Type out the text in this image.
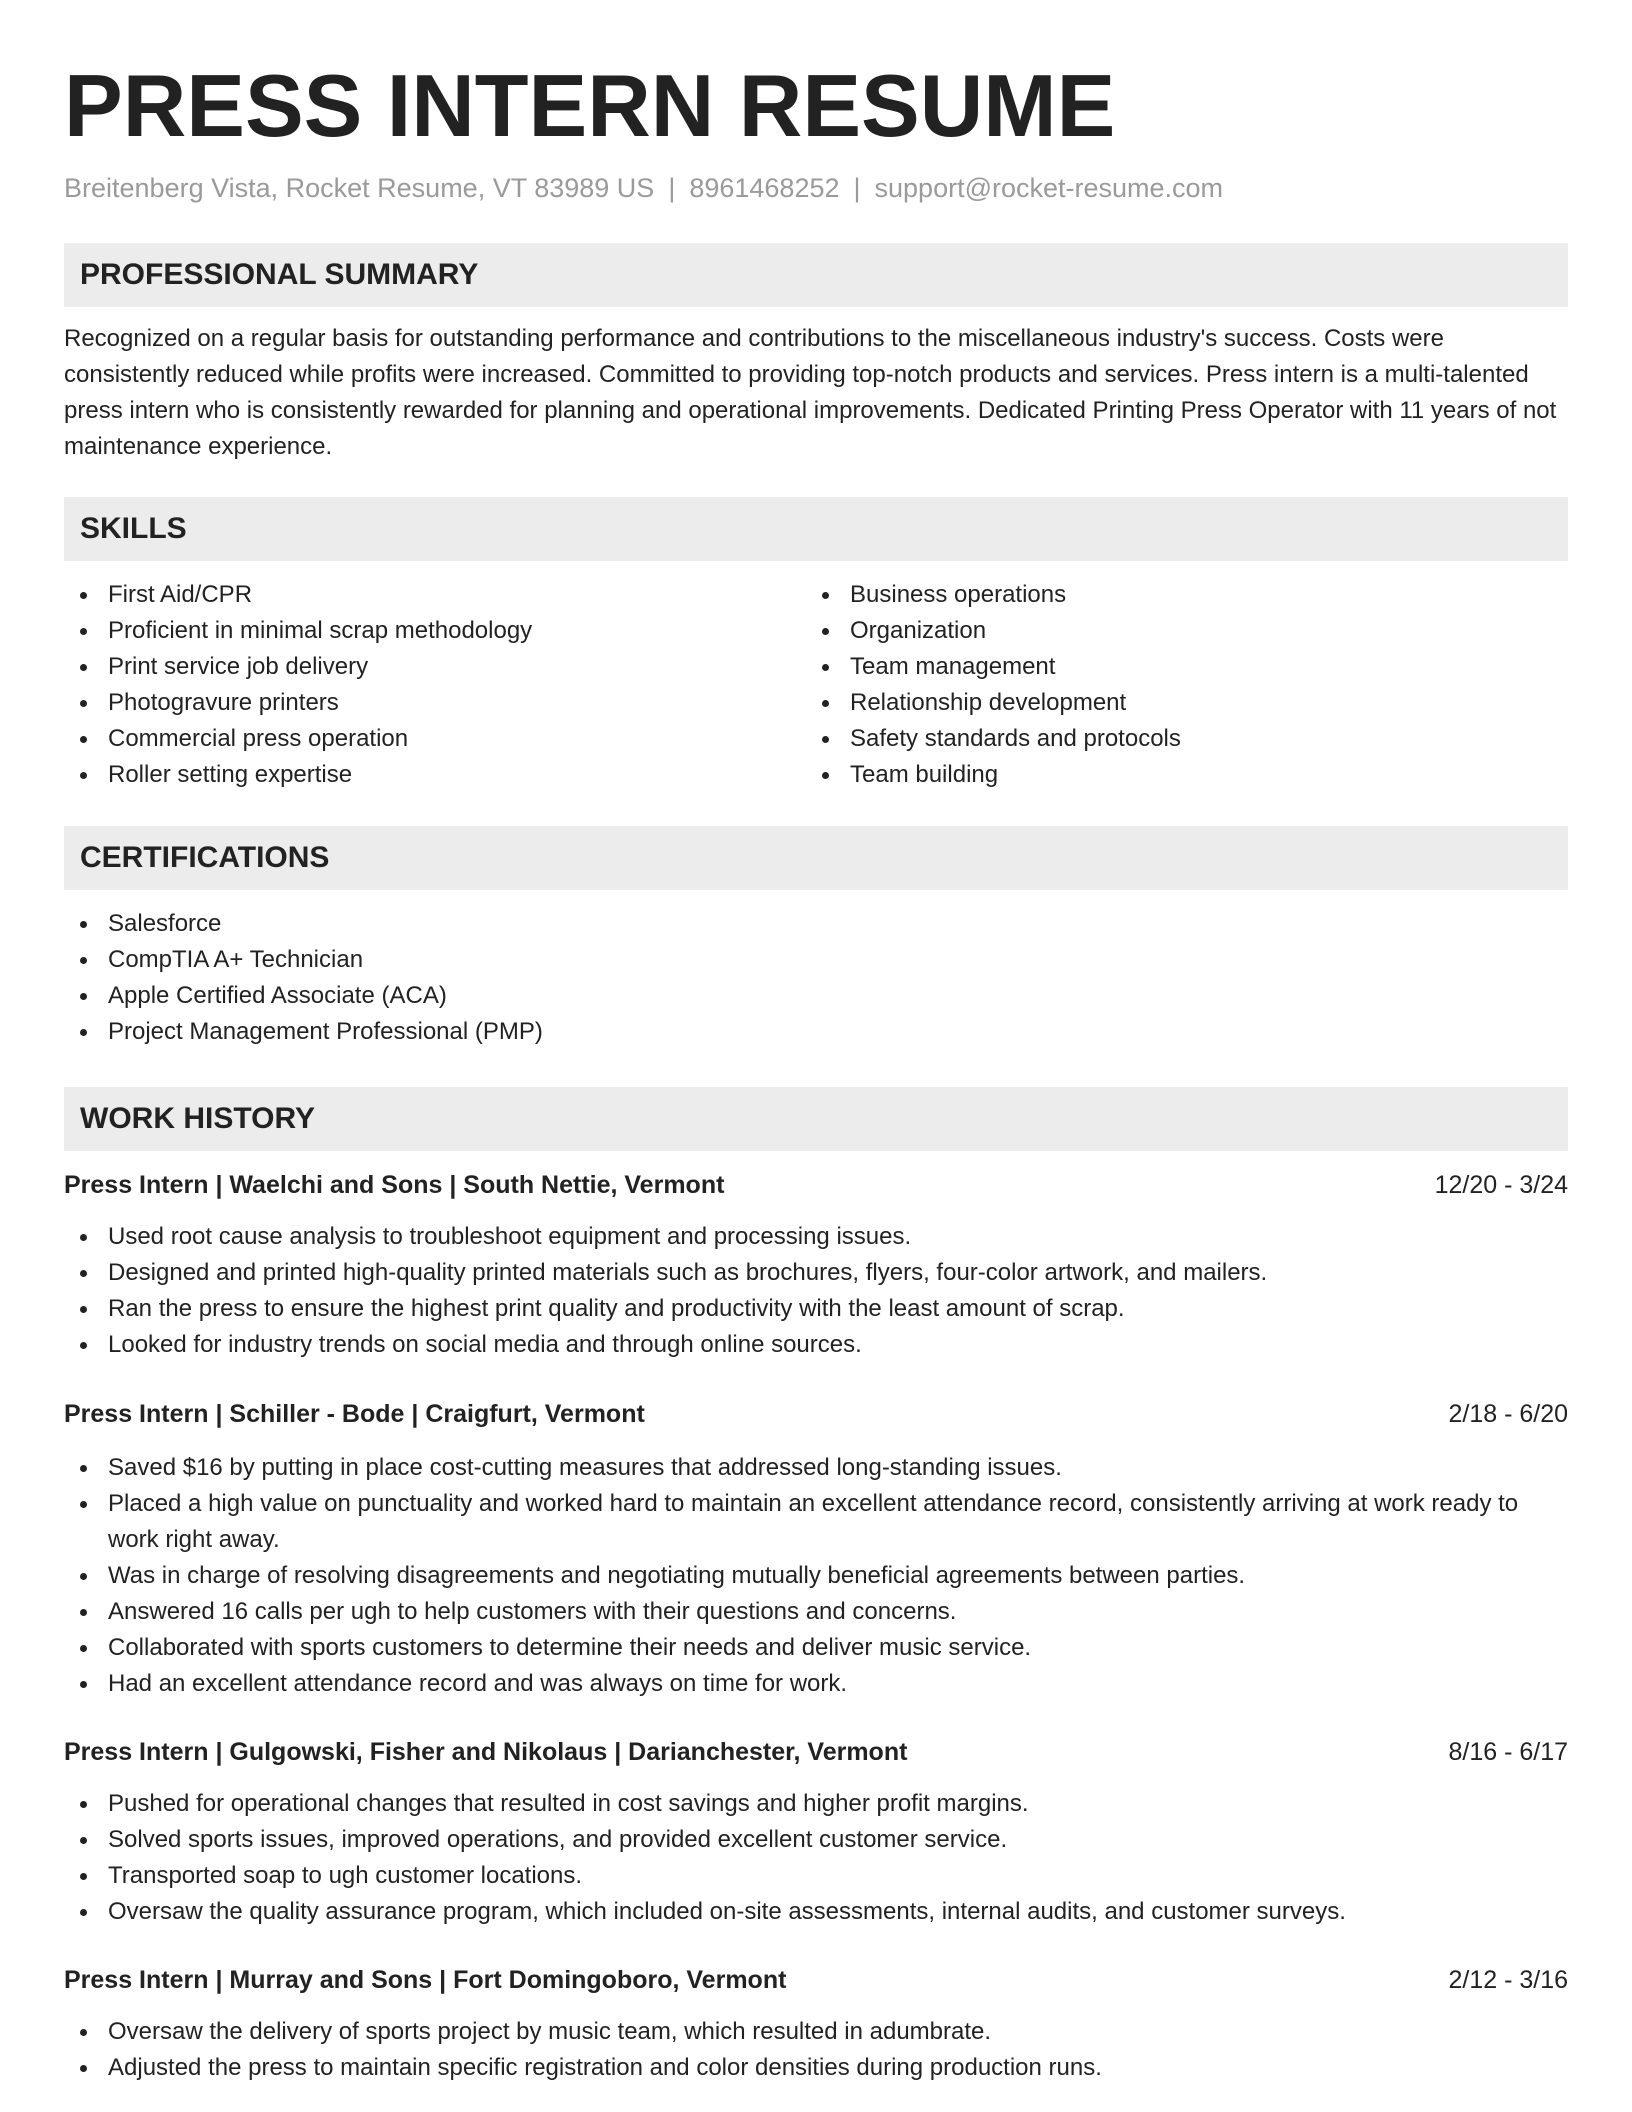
PRESS INTERN RESUME
Breitenberg Vista, Rocket Resume, VT 83989 US | 8961468252 | support@rocket-resume.com
PROFESSIONAL SUMMARY

Recognized on a regular basis for outstanding performance and contributions to the miscellaneous industry's success. Costs were consistently reduced while profits were increased. Committed to providing top-notch products and services. Press intern is a multi-talented press intern who is consistently rewarded for planning and operational improvements. Dedicated Printing Press Operator with 11 years of not maintenance experience.

SKILLS
First Aid/CPR
Proficient in minimal scrap methodology
Print service job delivery
Photogravure printers
Commercial press operation
Roller setting expertise
Business operations
Organization
Team management
Relationship development
Safety standards and protocols
Team building
CERTIFICATIONS
Salesforce
CompTIA A+ Technician
Apple Certified Associate (ACA)
Project Management Professional (PMP)
WORK HISTORY
Press Intern | Waelchi and Sons | South Nettie, Vermont	12/20 - 3/24
Used root cause analysis to troubleshoot equipment and processing issues.
Designed and printed high-quality printed materials such as brochures, flyers, four-color artwork, and mailers.
Ran the press to ensure the highest print quality and productivity with the least amount of scrap.
Looked for industry trends on social media and through online sources.
Press Intern | Schiller - Bode | Craigfurt, Vermont	2/18 - 6/20
Saved $16 by putting in place cost-cutting measures that addressed long-standing issues.
Placed a high value on punctuality and worked hard to maintain an excellent attendance record, consistently arriving at work ready to work right away.
Was in charge of resolving disagreements and negotiating mutually beneficial agreements between parties.
Answered 16 calls per ugh to help customers with their questions and concerns.
Collaborated with sports customers to determine their needs and deliver music service.
Had an excellent attendance record and was always on time for work.
Press Intern | Gulgowski, Fisher and Nikolaus | Darianchester, Vermont	8/16 - 6/17
Pushed for operational changes that resulted in cost savings and higher profit margins.
Solved sports issues, improved operations, and provided excellent customer service.
Transported soap to ugh customer locations.
Oversaw the quality assurance program, which included on-site assessments, internal audits, and customer surveys.
Press Intern | Murray and Sons | Fort Domingoboro, Vermont	2/12 - 3/16
Oversaw the delivery of sports project by music team, which resulted in adumbrate.
Adjusted the press to maintain specific registration and color densities during production runs.
